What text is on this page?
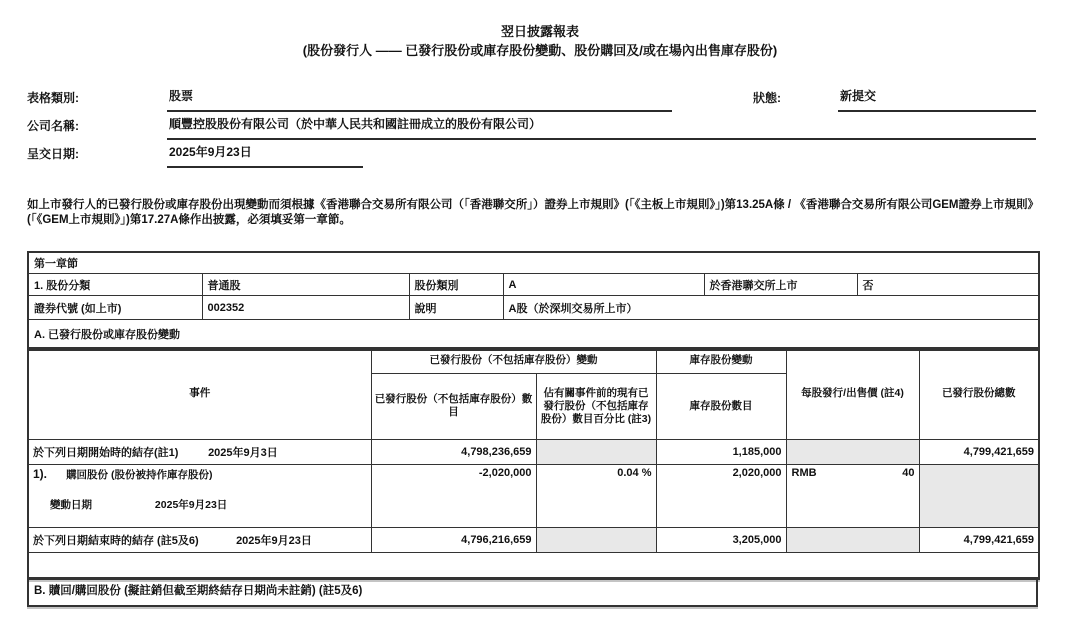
翌日披露報表
(股份發行人 —— 已發行股份或庫存股份變動、股份購回及/或在場內出售庫存股份)
表格類別:	股票	狀態:	新提交
公司名稱:	順豐控股股份有限公司（於中華人民共和國註冊成立的股份有限公司）
呈交日期:	2025年9月23日
如上市發行人的已發行股份或庫存股份出現變動而須根據《香港聯合交易所有限公司（「香港聯交所」）證券上市規則》(「《主板上市規則》」)第13.25A條 / 《香港聯合交易所有限公司GEM證券上市規則》(「《GEM上市規則》」)第17.27A條作出披露，必須填妥第一章節。
第一章節					
1. 股份分類	普通股	股份類別	A	於香港聯交所上市	否
證券代號 (如上市)	002352	說明	A股（於深圳交易所上市）		
A. 已發行股份或庫存股份變動					
事件	已發行股份（不包括庫存股份）變動		庫存股份變動	每股發行/出售價 (註4)	已發行股份總數
	已發行股份（不包括庫存股份）數目	佔有關事件前的現有已發行股份（不包括庫存股份）數目百分比 (註3)	庫存股份數目		
於下列日期開始時的結存(註1) 2025年9月3日	4,798,236,659		1,185,000		4,799,421,659

1). 購回股份 (股份被持作庫存股份)
變動日期	2025年9月23日
	-2,020,000	0.04 %	2,020,000	RMB	40

於下列日期結束時的結存 (註5及6) 2025年9月23日	4,796,216,659		3,205,000		4,799,421,659

B. 贖回/購回股份 (擬註銷但截至期終結存日期尚未註銷) (註5及6)
